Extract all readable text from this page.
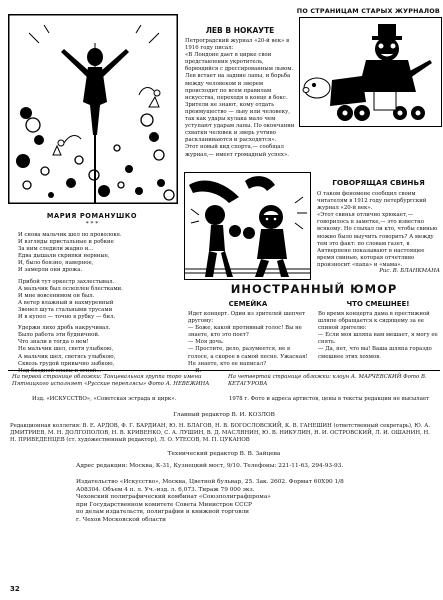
ПО СТРАНИЦАМ СТАРЫХ ЖУРНАЛОВ
МАРИЯ РОМАНУШКО
* * *
И снова мальчик шел по проволоке.
И взгляды пристальные и робкие
За ним следили жадно и...
Едва дышали скрипки нервные,
И, было боязно, наверное,
И замерли они дрожа.
Прибой тут оркестр захлестывал.
А мальчик был ослеплен блестками.
И мне вовсенимом он был.
А ветер влажный и нахмуренный
Звенел шута стальными трусами
И в купол — точно в рубку — бил.
Удержи лихо дробь накручивал.
Было работа эти будничной.
Что знали в тогда о нем!
Не мальчик шел, светя улыбкою,
А мальчик шел, светясь улыбкою,
Сквозь грудой привычно зыбкою,
ЛЕВ В НОКАУТЕ
Петроградский журнал «20-й век» в 1916 году писал:
«В Лондоне дает в цирке свои представления укротитель, борющийся с дрессированным львом. Лев встает на задние лапы, и борьба между человеком и зверем происходит по всем правилам искусства, переходя в конце в бокс. Зрители не знают, кому отдать преимущество — льву или человеку, так как удары кулака мало чем уступают ударам лапы. По окончании схватки человек и зверь учтиво раскланиваются и расходятся».
Этот новый вид спорта,— сообщал журнал,— имеет громадный успех».
ГОВОРЯЩАЯ СВИНЬЯ
О таком феномене сообщил своим читателям в 1912 году петербургский журнал «20-й век».
«Этот свинья отлично хрюкает,— говорилось в заметке,— это известно всякому. Но слыхал ли кто, чтобы свинью можно было выучить говорить? А между тем это факт: по словам газет, в Антверпене показывают в настоящее время свинью, которая отчетливо произносит «папа» и «мама».
Рис. В. БЛАНКМАНА
ИНОСТРАННЫЙ ЮМОР
СЕМЕЙКА
Идет концерт. Один из зрителей шепчет другому:
— Боже, какой противный голос! Вы не знаете, кто это поет?
— Моя дочь.
— Простите, дело, разумеется, не в голосе, а скорее в самой песне. Ужасная! Не знаете, кто ее написал?
ЧТО СМЕШНЕЕ!
Во время концерта дама в престижной шляпе обращается к сидящему за ее спиной зрителю:
— Если моя шляпа вам мешает, я могу ее снять.
— Да, нет, что вы! Ваша шляпа гораздо смешнее этих хохмов.
На первой странице обложки: Танцевальная группа торо имени Пятницкого исполняет «Русские переплясы» Фото А. НЕВЕЖИНА
На четвертой странице обложки: клоун А. МАРЧЕВСКИЙ Фото В. КЕТАГУРОВА
Изд. «ИСКУССТВО», «Советская эстрада и цирк».	1978 г. Фото и адреса артистов, цены в тексты редакции не высылает
Главный редактор В. И. КОЗЛОВ
Редакционная коллегия: В. Е. АРДОВ, Ф. Г. БАРДИАН, Ю. Н. БЛАГОВ, Н. В. БОГОСЛОВСКИЙ, К. В. ГАНЕШИН (ответственный секретарь), Ю. А. ДМИТРИЕВ, М. Н. ДОЛГОПОЛОВ, Н. В. КРИВЕНКО, С. А. ЛУШИН, В. Д. МАСЛЯНИН, Ю. В. НИКУЛИН, Я. И. ОСТРОВСКИЙ, Л. И. ОШАНИН, Н. Н. ПРИВЕДЕНЦЕВ (ст. художественный редактор), Л. О. УТЕСОВ, М. П. ЦУКАНОВ
Технический редактор В. В. Зайцева
Адрес редакции: Москва, К-31, Кузнецкий мост, 9/10. Телефоны: 221-11-63, 294-93-93.
Издательство «Искусство», Москва, Цветной бульвар, 25. Зак. 2602. Формат 60Х90 1/8
А08304. Объем 4 п. л. Уч.-изд. л. 6,073. Тираж 79 000 экз.
Чеховский полиграфический комбинат «Союзполиграфпрома»
при Государственном комитете Совета Министров СССР
по делам издательств, полиграфии и книжной торговли
г. Чехов Московской области
32
